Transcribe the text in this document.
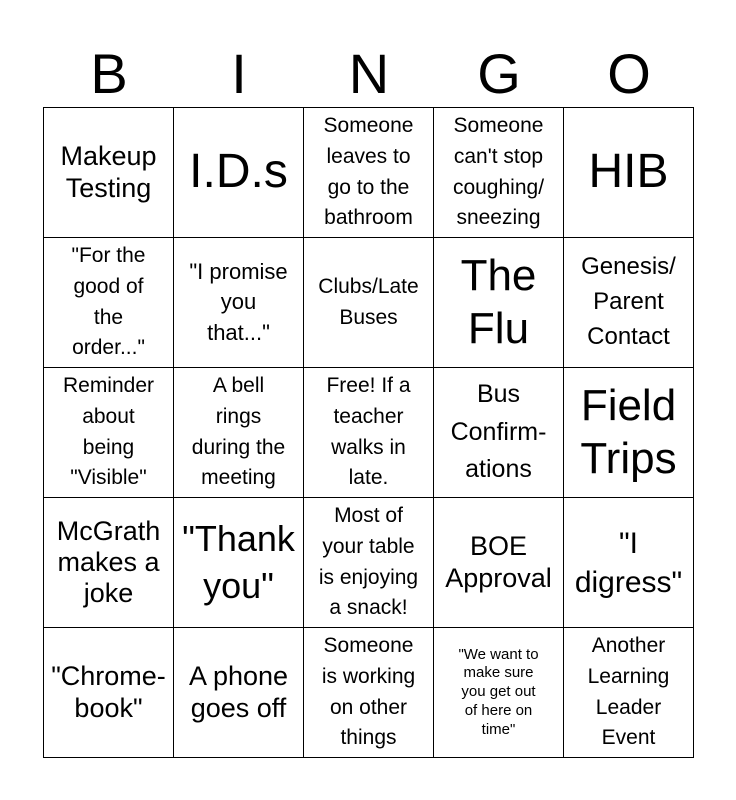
B	I	N	G	O
Makeup
Testing I.D.s
Someone
leaves to
go to the
bathroom
Someone
can't stop
coughing/
sneezing
HIB
"For the
good of
the
order..."
"I promise
you
that..."
Clubs/Late
Buses
The
Flu
Genesis/
Parent
Contact
Reminder
about
being
"Visible"
A bell
rings
during the
meeting
Free! If a
teacher
walks in
late.
Bus
Confirm-
ations
Field
Trips
McGrath
makes a
joke
"Thank
you"
Most of
your table
is enjoying
a snack!
BOE
Approval
"I
digress"
"Chrome-
book"
A phone
goes off
Someone
is working
on other
things
"We want to
make sure
you get out
of here on
time"
Another
Learning
Leader
Event
